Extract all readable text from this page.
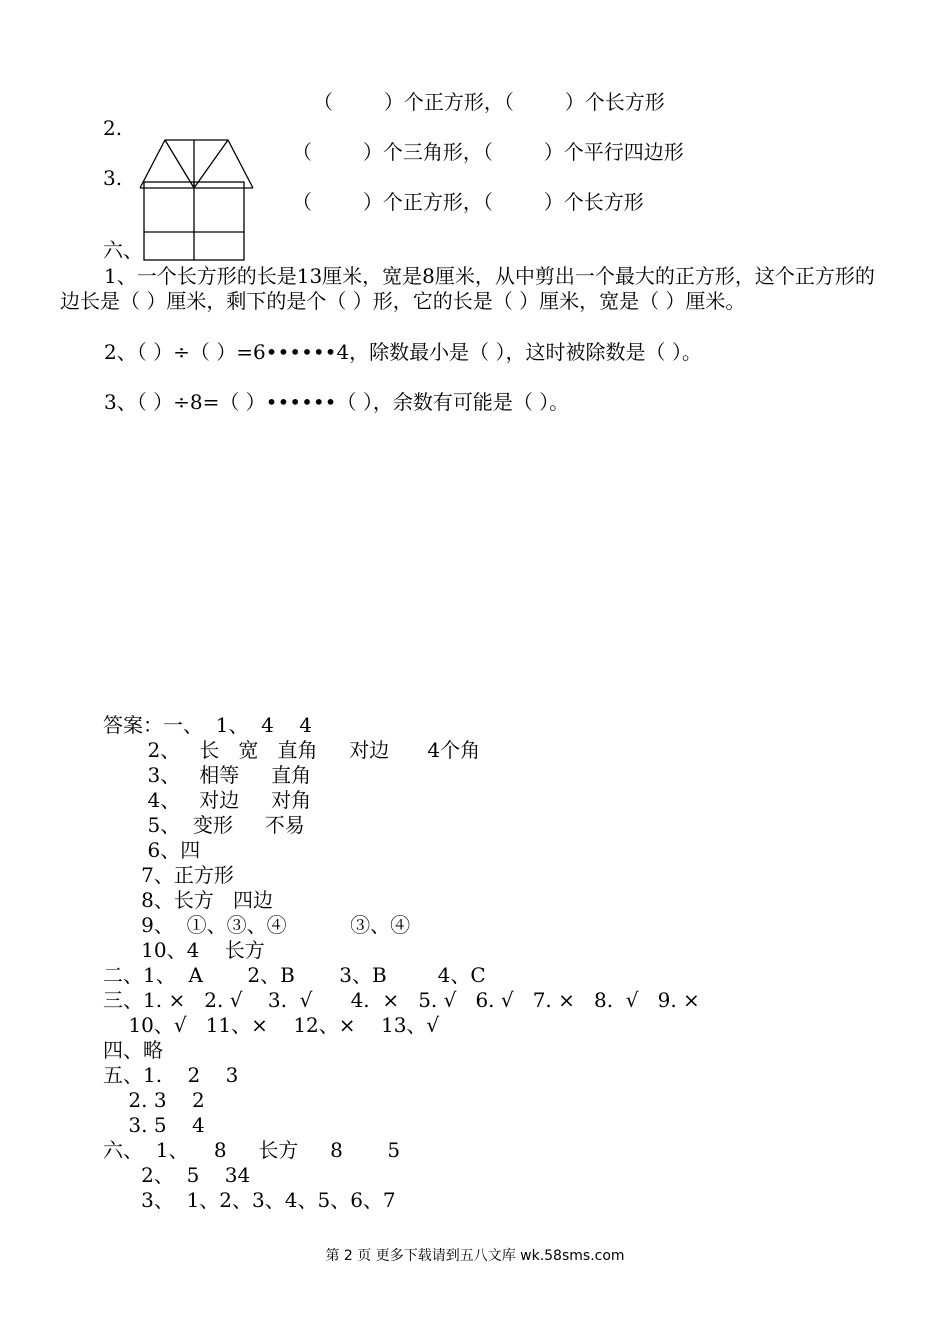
（        ）个正方形，（        ）个长方形
2.
（        ）个三角形，（        ）个平行四边形
3.
（        ）个正方形，（        ）个长方形
六、
1、一个长方形的长是13厘米，宽是8厘米，从中剪出一个最大的正方形，这个正方形的边长是（ ）厘米，剩下的是个（ ）形，它的长是（ ）厘米，宽是（ ）厘米。
2、（ ）÷（ ）=6••••••4，除数最小是（ ），这时被除数是（ ）。
3、（ ）÷8=（ ）••••••（ ），余数有可能是（ ）。
答案：一、  1、  4    4
2、   长   宽   直角     对边      4个角
3、   相等     直角
4、   对边     对角
5、  变形     不易
6、四
7、正方形
8、长方   四边
9、  ①、③、④          ③、④
10、4    长方
二、1、  A       2、B       3、B        4、C
三、1. ×   2. √    3.  √      4.  ×   5. √   6. √   7. ×   8.  √   9. ×
10、√   11、×    12、×    13、√
四、略
五、1.    2    3
2. 3    2
3. 5    4
六、  1、    8     长方     8       5
2、  5    34
3、  1、2、3、4、5、6、7
第 2 页 更多下载请到五八文库 wk.58sms.com
